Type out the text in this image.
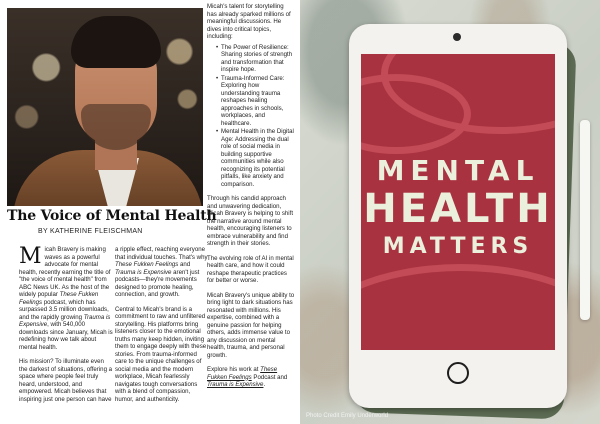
The Voice of Mental Health
BY KATHERINE FLEISCHMAN

Micah Bravery is making waves as a powerful advocate for mental health, recently earning the title of "the voice of mental health" from ABC News UK. As the host of the widely popular These Fukken Feelings podcast, which has surpassed 3.5 million downloads, and the rapidly growing Trauma is Expensive, with 540,000 downloads since January, Micah is redefining how we talk about mental health.

His mission? To illuminate even the darkest of situations, offering a space where people feel truly heard, understood, and empowered. Micah believes that inspiring just one person can have

a ripple effect, reaching everyone that individual touches. That's why These Fukken Feelings and Trauma is Expensive aren't just podcasts—they're movements designed to promote healing, connection, and growth.

Central to Micah's brand is a commitment to raw and unfiltered storytelling. His platforms bring listeners closer to the emotional truths many keep hidden, inviting them to engage deeply with these stories. From trauma-informed care to the unique challenges of social media and the modern workplace, Micah fearlessly navigates tough conversations with a blend of compassion, humor, and authenticity.

Micah's talent for storytelling has already sparked millions of meaningful discussions. He dives into critical topics, including:

• The Power of Resilience: Sharing stories of strength and transformation that inspire hope.
• Trauma-Informed Care: Exploring how understanding trauma reshapes healing approaches in schools, workplaces, and healthcare.
• Mental Health in the Digital Age: Addressing the dual role of social media in building supportive communities while also recognizing its potential pitfalls, like anxiety and comparison.

Through his candid approach and unwavering dedication, Micah Bravery is helping to shift the narrative around mental health, encouraging listeners to embrace vulnerability and find strength in their stories.

The evolving role of AI in mental health care, and how it could reshape therapeutic practices for better or worse.

Micah Bravery's unique ability to bring light to dark situations has resonated with millions. His expertise, combined with a genuine passion for helping others, adds immense value to any discussion on mental health, trauma, and personal growth.

Explore his work at These Fukken Feelings Podcast and Trauma is Expensive.

MENTAL
HEALTH
MATTERS
Photo Credit Emily Underworld
